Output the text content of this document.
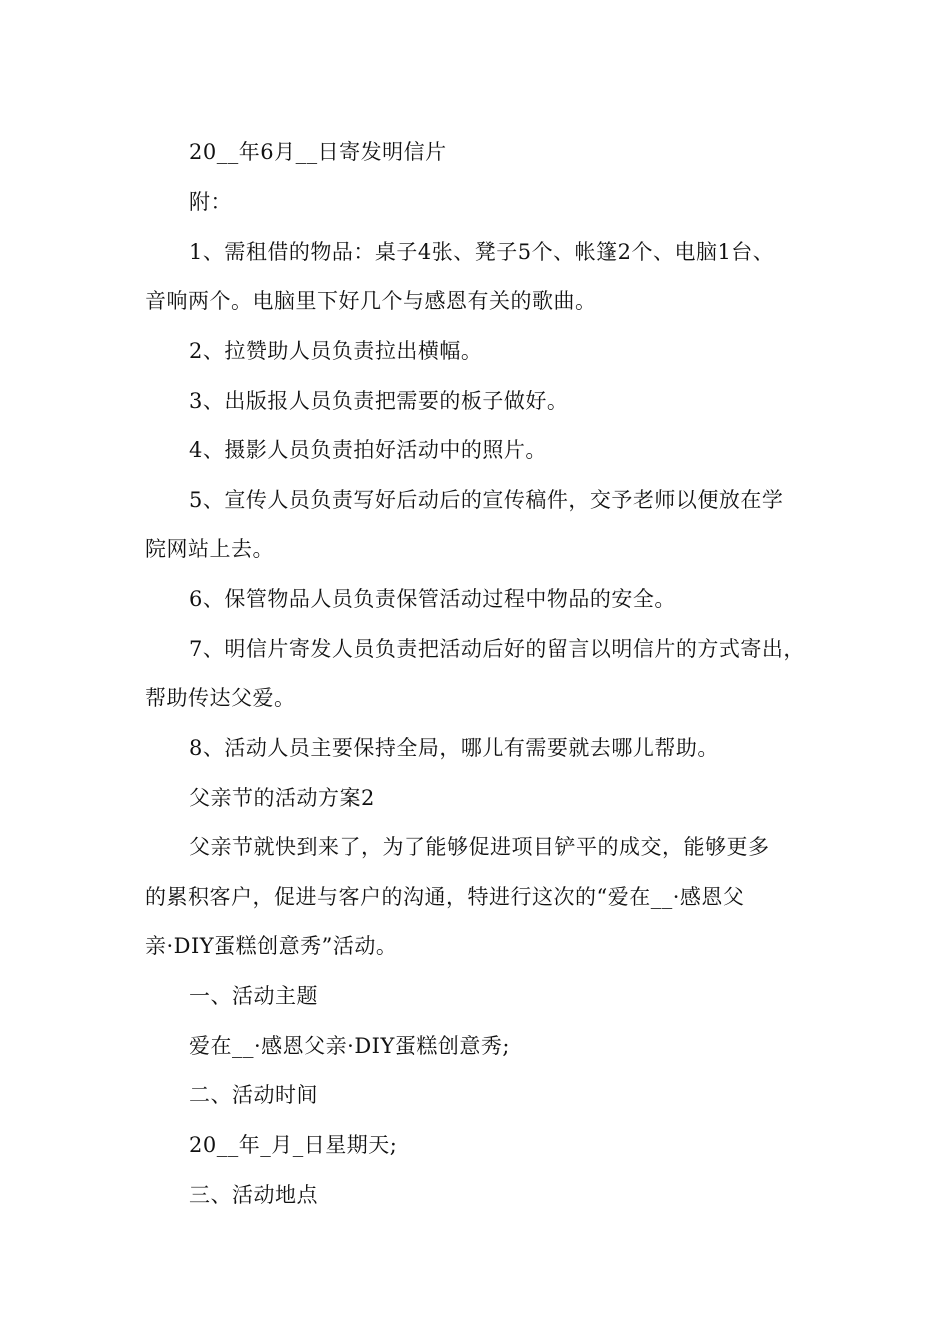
20__年6月__日寄发明信片
附：
1、需租借的物品：桌子4张、凳子5个、帐篷2个、电脑1台、
音响两个。电脑里下好几个与感恩有关的歌曲。
2、拉赞助人员负责拉出横幅。
3、出版报人员负责把需要的板子做好。
4、摄影人员负责拍好活动中的照片。
5、宣传人员负责写好后动后的宣传稿件，交予老师以便放在学
院网站上去。
6、保管物品人员负责保管活动过程中物品的安全。
7、明信片寄发人员负责把活动后好的留言以明信片的方式寄出，
帮助传达父爱。
8、活动人员主要保持全局，哪儿有需要就去哪儿帮助。
父亲节的活动方案2
父亲节就快到来了，为了能够促进项目铲平的成交，能够更多
的累积客户，促进与客户的沟通，特进行这次的“爱在__·感恩父
亲·DIY蛋糕创意秀”活动。
一、活动主题
爱在__·感恩父亲·DIY蛋糕创意秀;
二、活动时间
20__年_月_日星期天;
三、活动地点
